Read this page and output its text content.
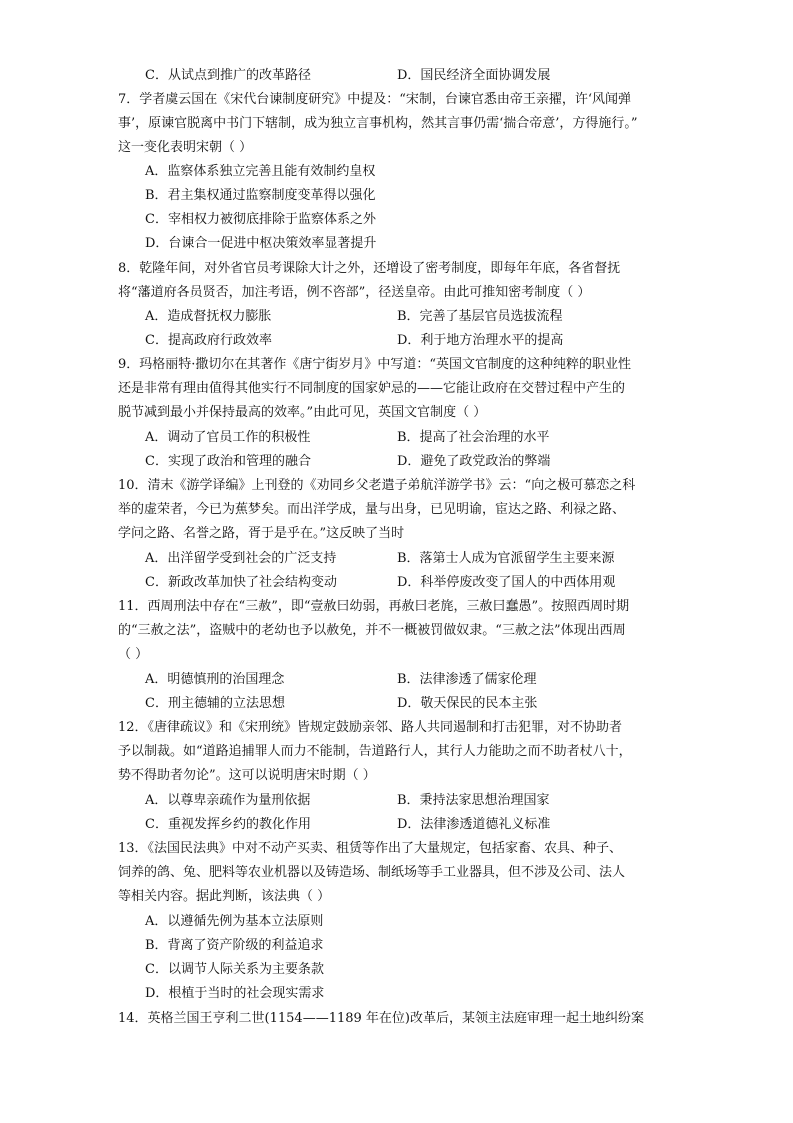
C．从试点到推广的改革路径	D．国民经济全面协调发展
7．学者虞云国在《宋代台谏制度研究》中提及：“宋制，台谏官悉由帝王亲擢，许‘风闻弹
事’，原谏官脱离中书门下辖制，成为独立言事机构，然其言事仍需‘揣合帝意’，方得施行。”
这一变化表明宋朝（ ）
A．监察体系独立完善且能有效制约皇权
B．君主集权通过监察制度变革得以强化
C．宰相权力被彻底排除于监察体系之外
D．台谏合一促进中枢决策效率显著提升
8．乾隆年间，对外省官员考课除大计之外，还增设了密考制度，即每年年底，各省督抚
将“藩道府各员贤否，加注考语，例不咨部”，径送皇帝。由此可推知密考制度（ ）
A．造成督抚权力膨胀	B．完善了基层官员选拔流程
C．提高政府行政效率	D．利于地方治理水平的提高
9．玛格丽特·撒切尔在其著作《唐宁街岁月》中写道：“英国文官制度的这种纯粹的职业性
还是非常有理由值得其他实行不同制度的国家妒忌的——它能让政府在交替过程中产生的
脱节减到最小并保持最高的效率。”由此可见，英国文官制度（ ）
A．调动了官员工作的积极性	B．提高了社会治理的水平
C．实现了政治和管理的融合	D．避免了政党政治的弊端
10．清末《游学译编》上刊登的《劝同乡父老遣子弟航洋游学书》云：“向之极可慕恋之科
举的虚荣者，今已为蕉梦矣。而出洋学成，量与出身，已见明谕，宦达之路、利禄之路、
学问之路、名誉之路，胥于是乎在。”这反映了当时
A．出洋留学受到社会的广泛支持	B．落第士人成为官派留学生主要来源
C．新政改革加快了社会结构变动	D．科举停废改变了国人的中西体用观
11．西周刑法中存在“三赦”，即“壹赦曰幼弱，再赦曰老旄，三赦曰蠢愚”。按照西周时期
的“三赦之法”，盗贼中的老幼也予以赦免，并不一概被罚做奴隶。“三赦之法”体现出西周
（ ）
A．明德慎刑的治国理念	B．法律渗透了儒家伦理
C．刑主德辅的立法思想	D．敬天保民的民本主张
12．《唐律疏议》和《宋刑统》皆规定鼓励亲邻、路人共同遏制和打击犯罪，对不协助者
予以制裁。如“道路追捕罪人而力不能制，告道路行人，其行人力能助之而不助者杖八十，
势不得助者勿论”。这可以说明唐宋时期（ ）
A．以尊卑亲疏作为量刑依据	B．秉持法家思想治理国家
C．重视发挥乡约的教化作用	D．法律渗透道德礼义标准
13．《法国民法典》中对不动产买卖、租赁等作出了大量规定，包括家畜、农具、种子、
饲养的鸽、兔、肥料等农业机器以及铸造场、制纸场等手工业器具，但不涉及公司、法人
等相关内容。据此判断，该法典（ ）
A．以遵循先例为基本立法原则
B．背离了资产阶级的利益追求
C．以调节人际关系为主要条款
D．根植于当时的社会现实需求
14．英格兰国王亨利二世(1154——1189 年在位)改革后，某领主法庭审理一起土地纠纷案
